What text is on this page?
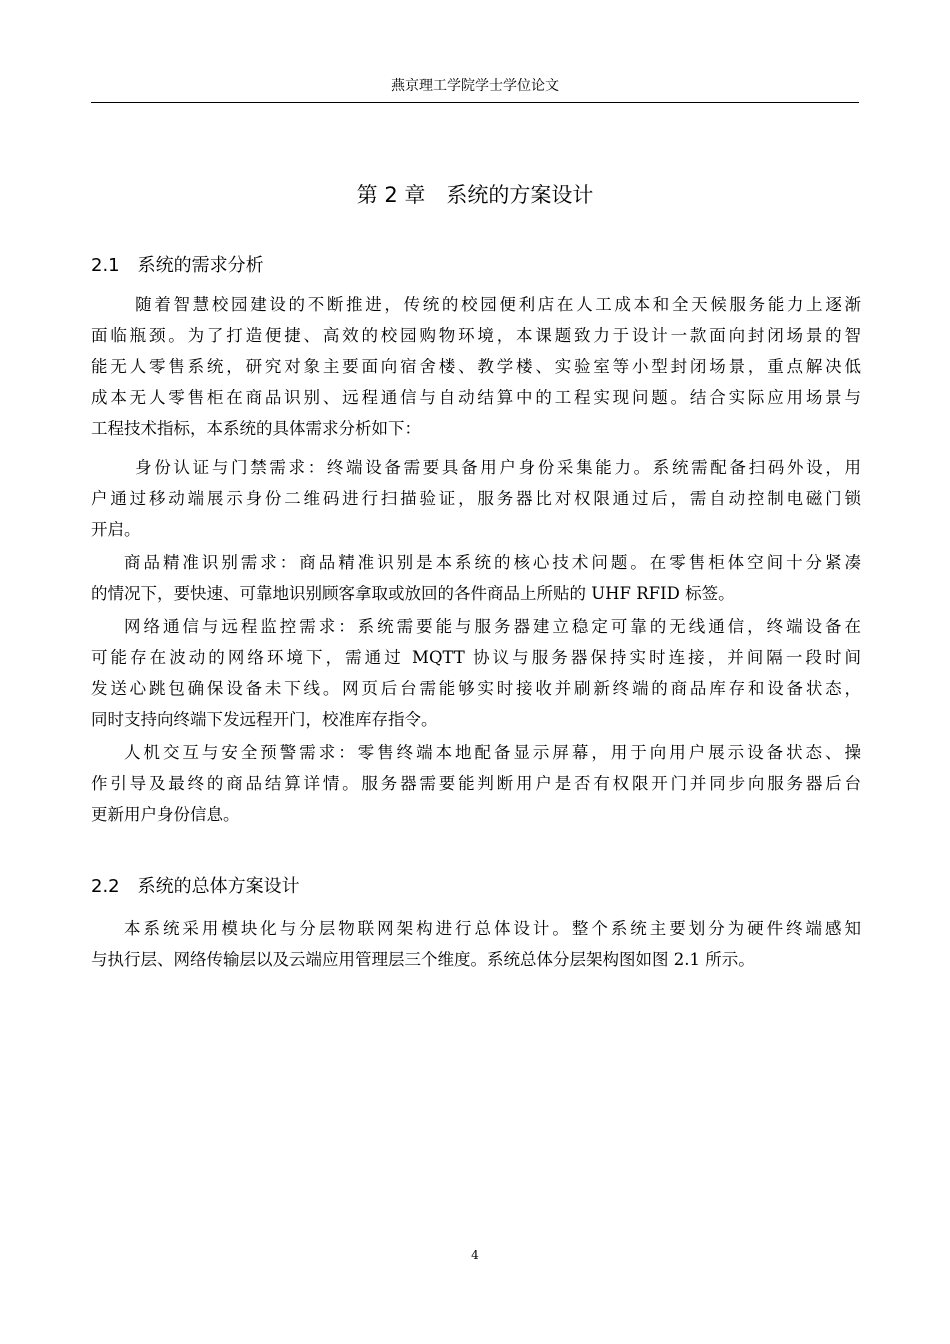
燕京理工学院学士学位论文
第 2 章　系统的方案设计
2.1　系统的需求分析
　随着智慧校园建设的不断推进，传统的校园便利店在人工成本和全天候服务能力上逐渐
面临瓶颈。为了打造便捷、高效的校园购物环境，本课题致力于设计一款面向封闭场景的智
能无人零售系统，研究对象主要面向宿舍楼、教学楼、实验室等小型封闭场景，重点解决低
成本无人零售柜在商品识别、远程通信与自动结算中的工程实现问题。结合实际应用场景与
工程技术指标，本系统的具体需求分析如下：
　身份认证与门禁需求：终端设备需要具备用户身份采集能力。系统需配备扫码外设，用
户通过移动端展示身份二维码进行扫描验证，服务器比对权限通过后，需自动控制电磁门锁
开启。
商品精准识别需求：商品精准识别是本系统的核心技术问题。在零售柜体空间十分紧凑
的情况下，要快速、可靠地识别顾客拿取或放回的各件商品上所贴的 UHF RFID 标签。
网络通信与远程监控需求：系统需要能与服务器建立稳定可靠的无线通信，终端设备在
可能存在波动的网络环境下，需通过 MQTT 协议与服务器保持实时连接，并间隔一段时间
发送心跳包确保设备未下线。网页后台需能够实时接收并刷新终端的商品库存和设备状态，
同时支持向终端下发远程开门，校准库存指令。
人机交互与安全预警需求：零售终端本地配备显示屏幕，用于向用户展示设备状态、操
作引导及最终的商品结算详情。服务器需要能判断用户是否有权限开门并同步向服务器后台
更新用户身份信息。
2.2　系统的总体方案设计
本系统采用模块化与分层物联网架构进行总体设计。整个系统主要划分为硬件终端感知
与执行层、网络传输层以及云端应用管理层三个维度。系统总体分层架构图如图 2.1 所示。
4
